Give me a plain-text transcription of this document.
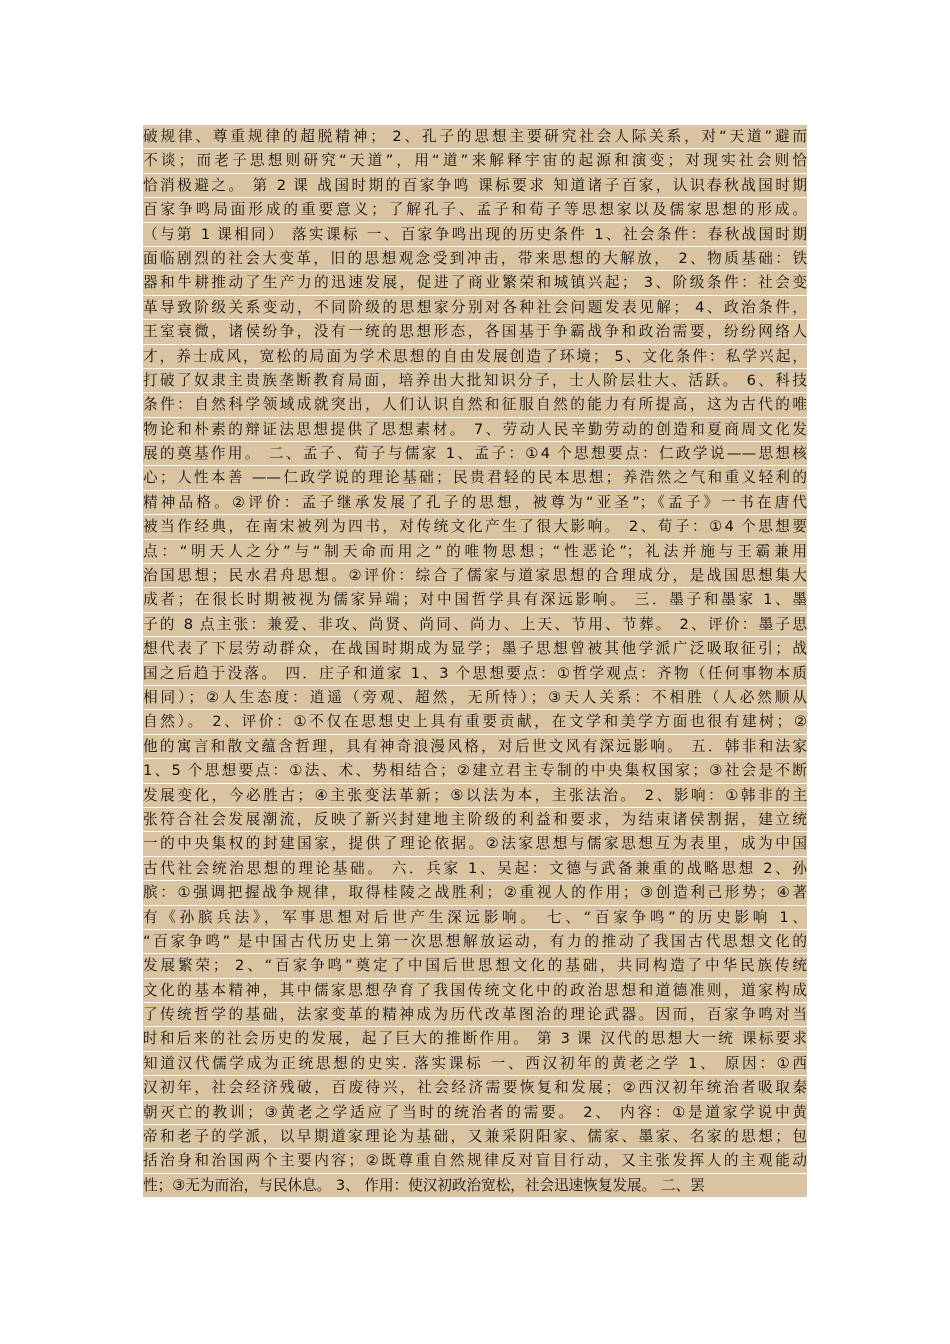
破规律、尊重规律的超脱精神； 2、孔子的思想主要研究社会人际关系，对“天道”避而
不谈；而老子思想则研究“天道”，用“道”来解释宇宙的起源和演变；对现实社会则恰
恰消极避之。 第 2 课 战国时期的百家争鸣 课标要求 知道诸子百家，认识春秋战国时期
百家争鸣局面形成的重要意义；了解孔子、孟子和荀子等思想家以及儒家思想的形成。
（与第 1 课相同） 落实课标 一、百家争鸣出现的历史条件 1、社会条件：春秋战国时期
面临剧烈的社会大变革，旧的思想观念受到冲击，带来思想的大解放， 2、物质基础：铁
器和牛耕推动了生产力的迅速发展，促进了商业繁荣和城镇兴起； 3、阶级条件：社会变
革导致阶级关系变动，不同阶级的思想家分别对各种社会问题发表见解； 4、政治条件，
王室衰微，诸侯纷争，没有一统的思想形态，各国基于争霸战争和政治需要，纷纷网络人
才，养士成风，宽松的局面为学术思想的自由发展创造了环境； 5、文化条件：私学兴起，
打破了奴隶主贵族垄断教育局面，培养出大批知识分子，士人阶层壮大、活跃。 6、科技
条件：自然科学领域成就突出，人们认识自然和征服自然的能力有所提高，这为古代的唯
物论和朴素的辩证法思想提供了思想素材。 7、劳动人民辛勤劳动的创造和夏商周文化发
展的奠基作用。 二、孟子、荀子与儒家 1、孟子：①4 个思想要点：仁政学说——思想核
心；人性本善 ——仁政学说的理论基础；民贵君轻的民本思想；养浩然之气和重义轻利的
精神品格。②评价：孟子继承发展了孔子的思想，被尊为“亚圣”；《孟子》一书在唐代
被当作经典，在南宋被列为四书，对传统文化产生了很大影响。 2、荀子：①4 个思想要
点：“明天人之分”与“制天命而用之”的唯物思想；“性恶论”；礼法并施与王霸兼用
治国思想；民水君舟思想。②评价：综合了儒家与道家思想的合理成分，是战国思想集大
成者；在很长时期被视为儒家异端；对中国哲学具有深远影响。 三．墨子和墨家 1、墨
子的 8 点主张：兼爱、非攻、尚贤、尚同、尚力、上天、节用、节葬。 2、评价：墨子思
想代表了下层劳动群众，在战国时期成为显学；墨子思想曾被其他学派广泛吸取征引；战
国之后趋于没落。 四．庄子和道家 1、3 个思想要点：①哲学观点：齐物（任何事物本质
相同）；②人生态度：逍遥（旁观、超然，无所恃）；③天人关系：不相胜（人必然顺从
自然）。 2、评价：①不仅在思想史上具有重要贡献，在文学和美学方面也很有建树；②
他的寓言和散文蕴含哲理，具有神奇浪漫风格，对后世文风有深远影响。 五．韩非和法家
1、5 个思想要点：①法、术、势相结合；②建立君主专制的中央集权国家；③社会是不断
发展变化，今必胜古；④主张变法革新；⑤以法为本，主张法治。 2、影响：①韩非的主
张符合社会发展潮流，反映了新兴封建地主阶级的利益和要求，为结束诸侯割据，建立统
一的中央集权的封建国家，提供了理论依据。②法家思想与儒家思想互为表里，成为中国
古代社会统治思想的理论基础。 六．兵家 1、吴起：文德与武备兼重的战略思想 2、孙
膑：①强调把握战争规律，取得桂陵之战胜利；②重视人的作用；③创造利己形势；④著
有《孙膑兵法》，军事思想对后世产生深远影响。 七、“百家争鸣”的历史影响 1、
“百家争鸣” 是中国古代历史上第一次思想解放运动，有力的推动了我国古代思想文化的
发展繁荣； 2、“百家争鸣”奠定了中国后世思想文化的基础，共同构造了中华民族传统
文化的基本精神，其中儒家思想孕育了我国传统文化中的政治思想和道德准则，道家构成
了传统哲学的基础，法家变革的精神成为历代改革图治的理论武器。因而，百家争鸣对当
时和后来的社会历史的发展，起了巨大的推断作用。 第 3 课 汉代的思想大一统 课标要求
知道汉代儒学成为正统思想的史实. 落实课标 一、西汉初年的黄老之学 1、 原因：①西
汉初年，社会经济残破，百废待兴，社会经济需要恢复和发展；②西汉初年统治者吸取秦
朝灭亡的教训；③黄老之学适应了当时的统治者的需要。 2、 内容：①是道家学说中黄
帝和老子的学派，以早期道家理论为基础，又兼采阴阳家、儒家、墨家、名家的思想；包
括治身和治国两个主要内容；②既尊重自然规律反对盲目行动，又主张发挥人的主观能动
性；③无为而治，与民休息。 3、 作用：使汉初政治宽松，社会迅速恢复发展。 二、罢
